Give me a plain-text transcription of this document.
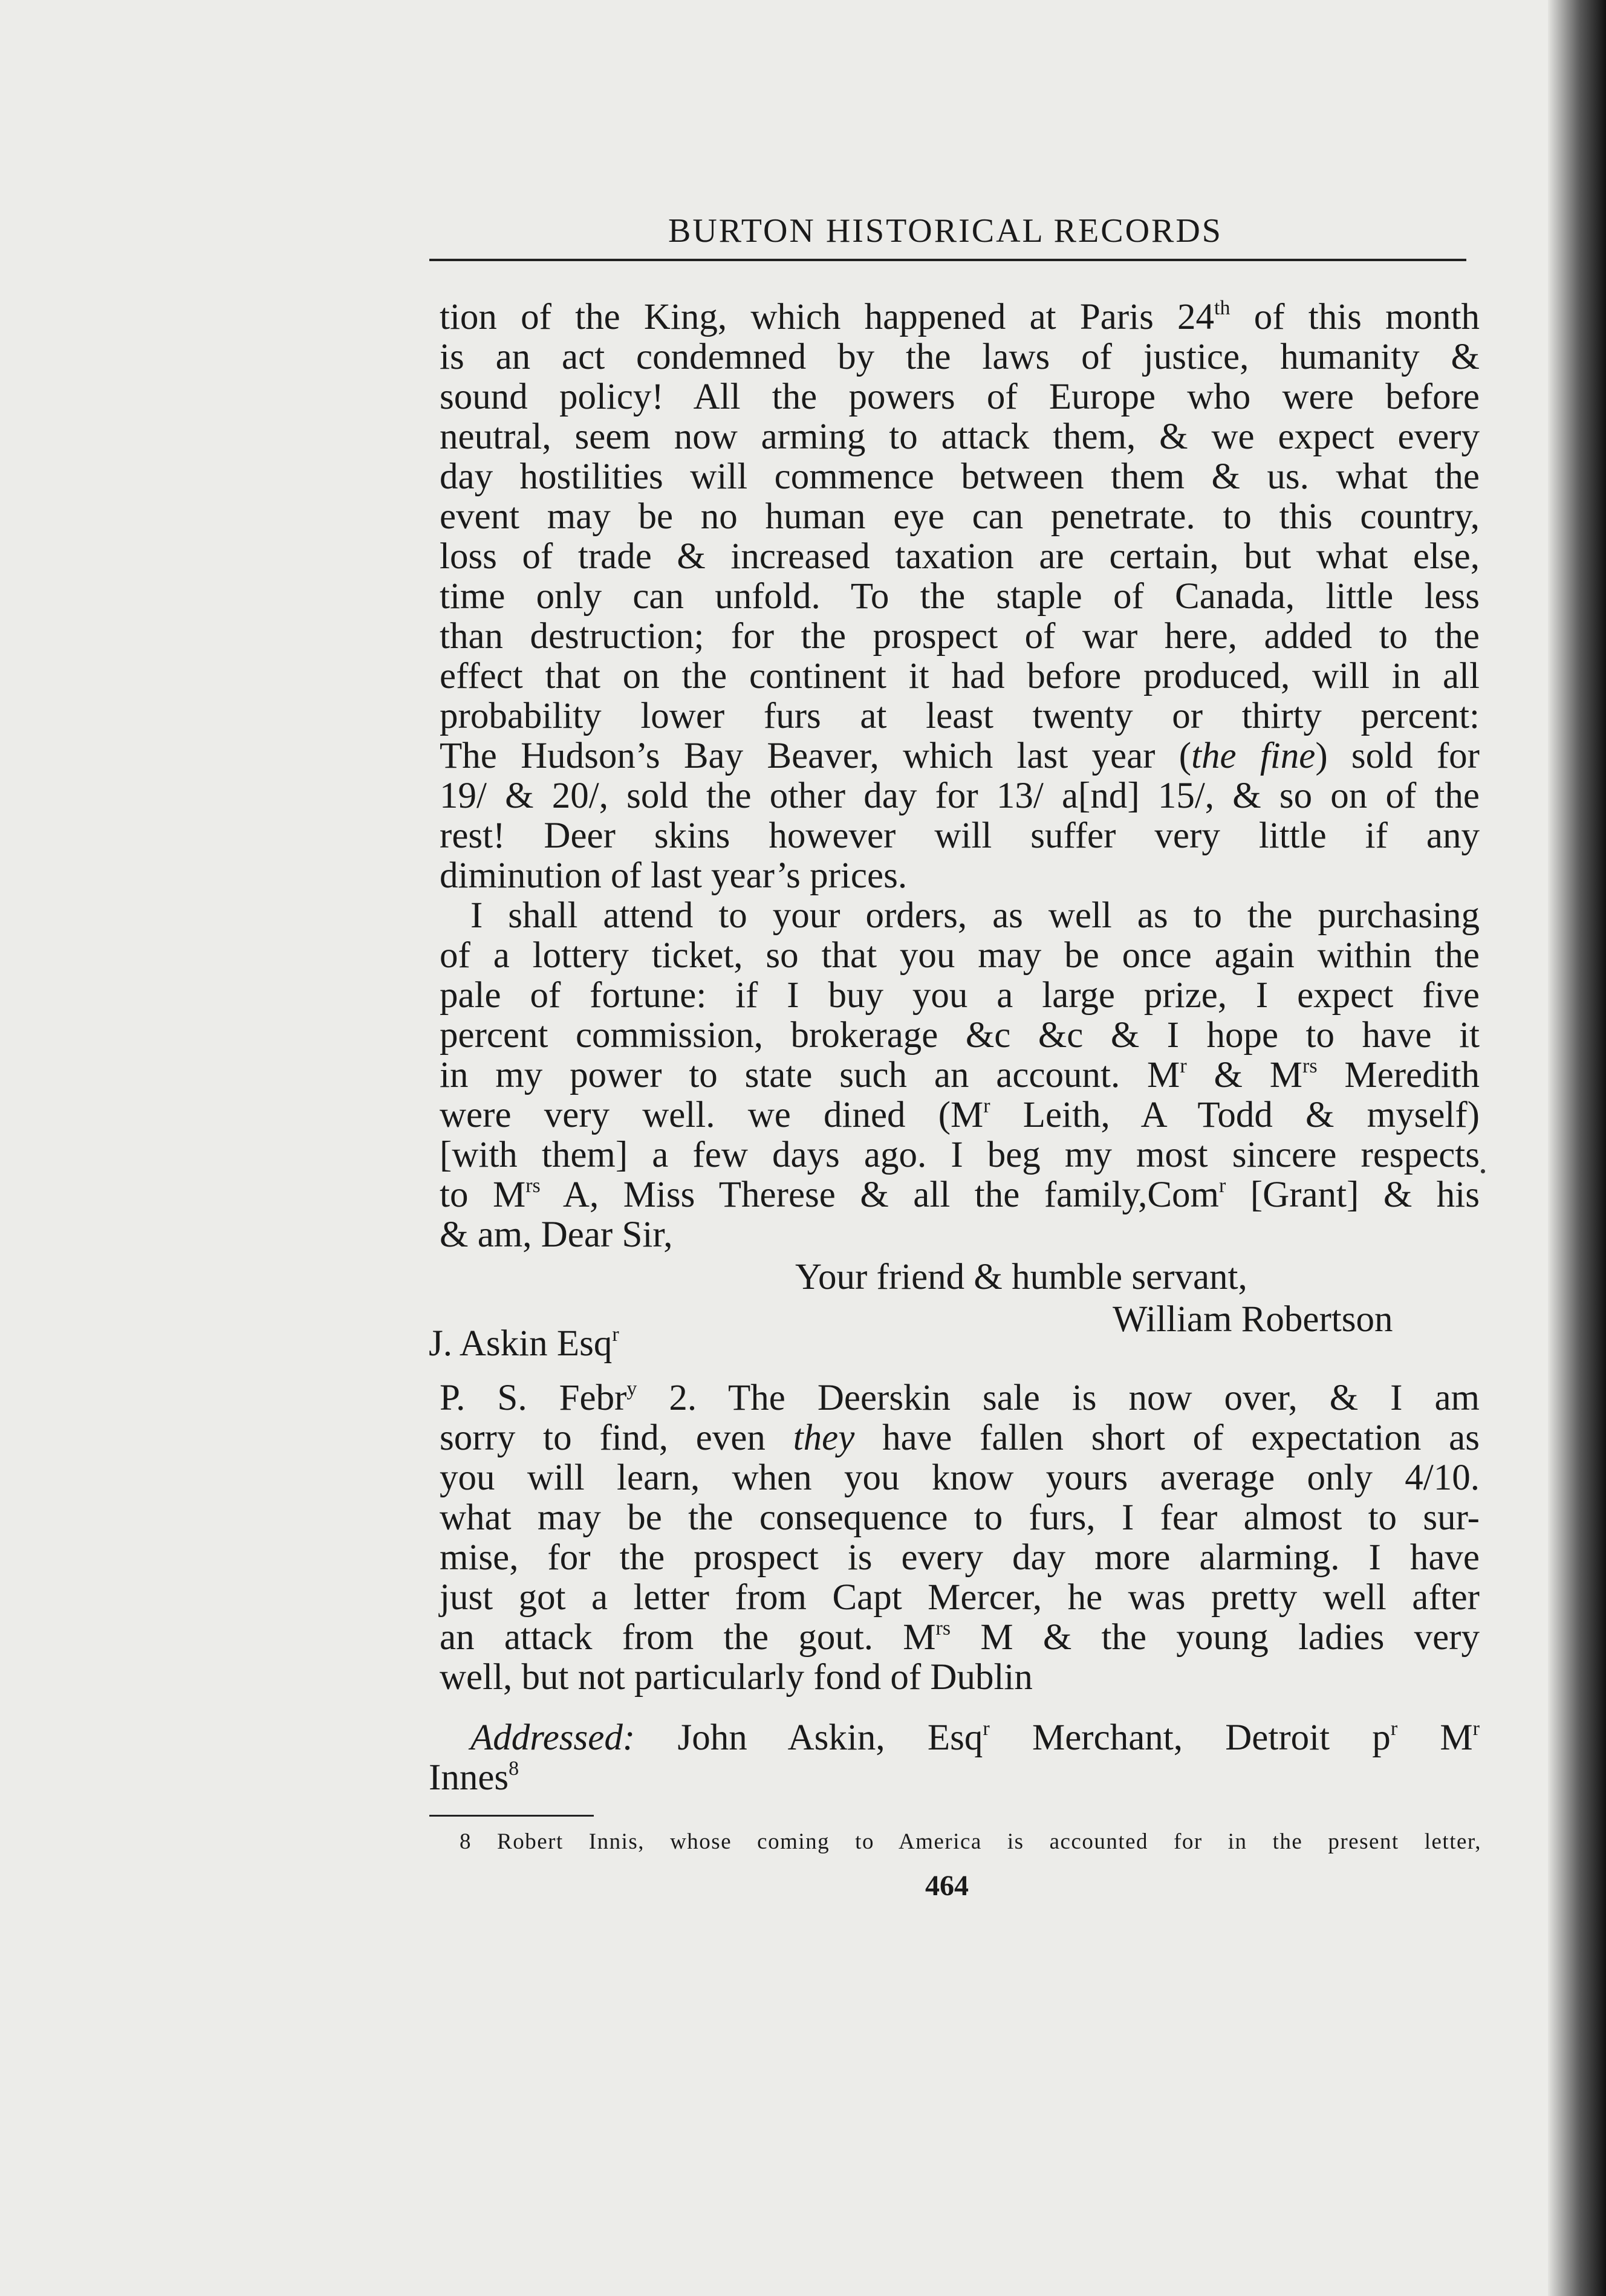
BURTON HISTORICAL RECORDS
tion of the King, which happened at Paris 24th of this month
is an act condemned by the laws of justice, humanity &
sound policy! All the powers of Europe who were before
neutral, seem now arming to attack them, & we expect every
day hostilities will commence between them & us. what the
event may be no human eye can penetrate. to this country,
loss of trade & increased taxation are certain, but what else,
time only can unfold. To the staple of Canada, little less
than destruction; for the prospect of war here, added to the
effect that on the continent it had before produced, will in all
probability lower furs at least twenty or thirty percent:
The Hudson’s Bay Beaver, which last year (the fine) sold for
19/ & 20/, sold the other day for 13/ a[nd] 15/, & so on of the
rest! Deer skins however will suffer very little if any
diminution of last year’s prices.
I shall attend to your orders, as well as to the purchasing
of a lottery ticket, so that you may be once again within the
pale of fortune: if I buy you a large prize, I expect five
percent commission, brokerage &c &c & I hope to have it
in my power to state such an account. $M^r$ & $M^{rs}$ Meredith
were very well. we dined ($M^r$ Leith, A Todd & myself)
[with them] a few days ago. I beg my most sincere respects
to $M^{rs}$ A, Miss Therese & all the family,Com$^r$ [Grant] & his
& am, Dear Sir,
Your friend & humble servant,
William Robertson
J. Askin Esq$^r$
P. S. Febr$^y$ 2. The Deerskin sale is now over, & I am
sorry to find, even they have fallen short of expectation as
you will learn, when you know yours average only 4/10.
what may be the consequence to furs, I fear almost to sur-
mise, for the prospect is every day more alarming. I have
just got a letter from Capt Mercer, he was pretty well after
an attack from the gout. $M^{rs}$ M & the young ladies very
well, but not particularly fond of Dublin
Addressed: John Askin, Esq$^r$ Merchant, Detroit $p^r$ $M^r$
Innes$^8$
8 Robert Innis, whose coming to America is accounted for in the present letter,
464
